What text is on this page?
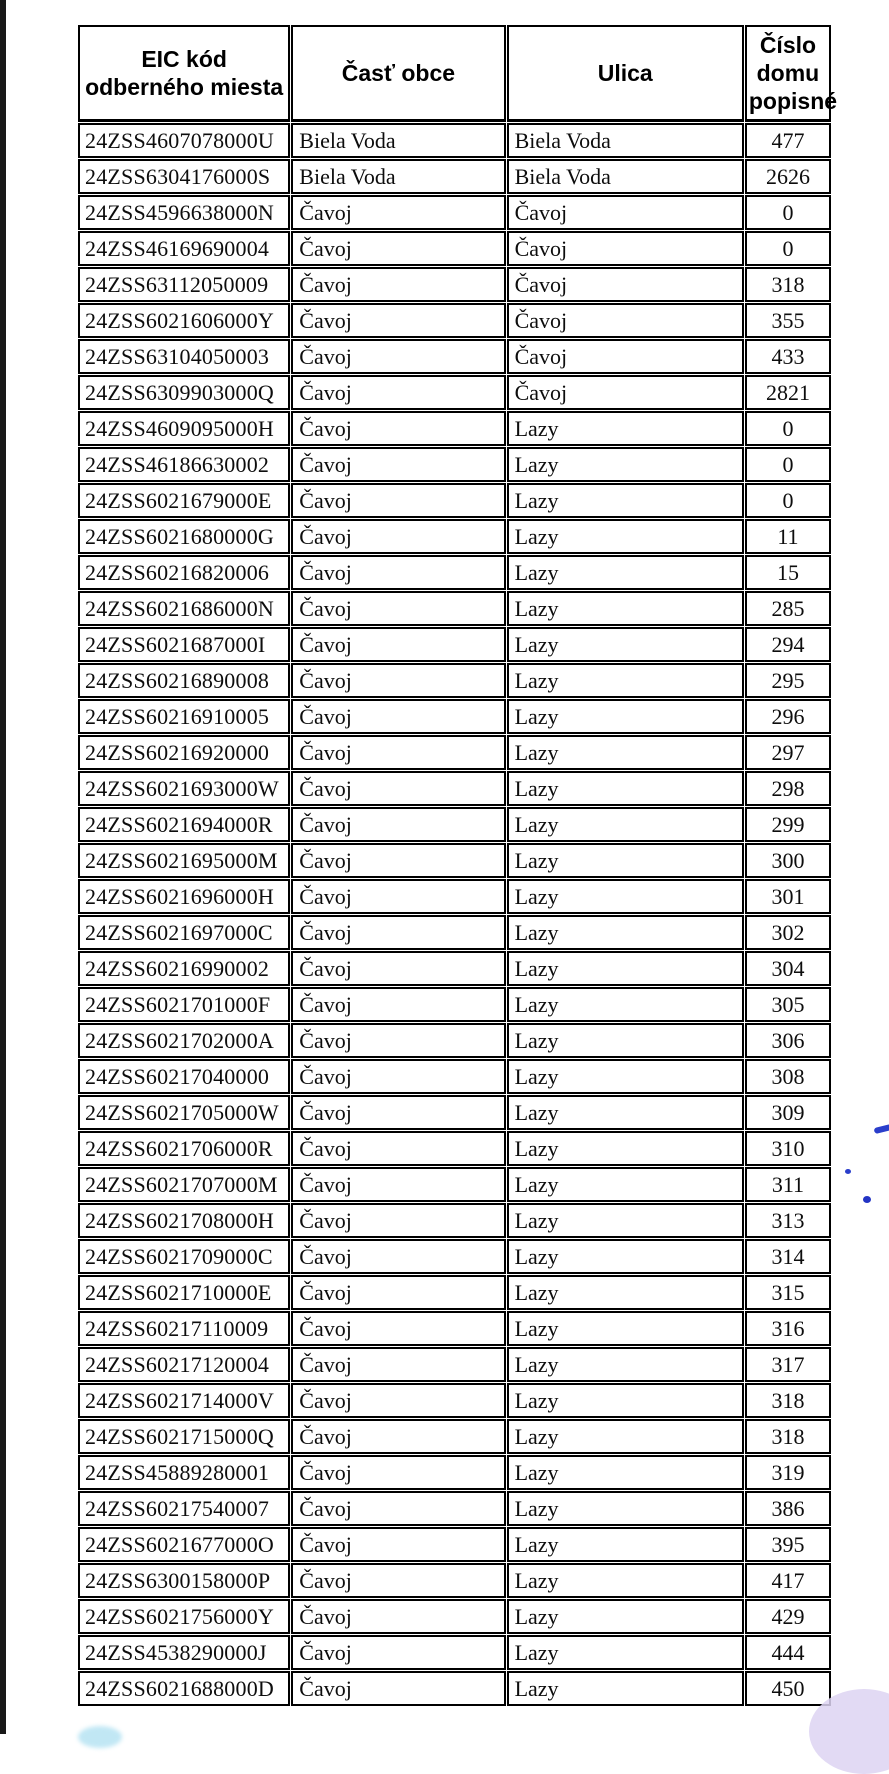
EIC kód odberného miesta	Časť obce	Ulica	Číslo domu popisné
24ZSS4607078000U	Biela Voda	Biela Voda	477
24ZSS6304176000S	Biela Voda	Biela Voda	2626
24ZSS4596638000N	Čavoj	Čavoj	0
24ZSS46169690004	Čavoj	Čavoj	0
24ZSS63112050009	Čavoj	Čavoj	318
24ZSS6021606000Y	Čavoj	Čavoj	355
24ZSS63104050003	Čavoj	Čavoj	433
24ZSS6309903000Q	Čavoj	Čavoj	2821
24ZSS4609095000H	Čavoj	Lazy	0
24ZSS46186630002	Čavoj	Lazy	0
24ZSS6021679000E	Čavoj	Lazy	0
24ZSS6021680000G	Čavoj	Lazy	11
24ZSS60216820006	Čavoj	Lazy	15
24ZSS6021686000N	Čavoj	Lazy	285
24ZSS6021687000I	Čavoj	Lazy	294
24ZSS60216890008	Čavoj	Lazy	295
24ZSS60216910005	Čavoj	Lazy	296
24ZSS60216920000	Čavoj	Lazy	297
24ZSS6021693000W	Čavoj	Lazy	298
24ZSS6021694000R	Čavoj	Lazy	299
24ZSS6021695000M	Čavoj	Lazy	300
24ZSS6021696000H	Čavoj	Lazy	301
24ZSS6021697000C	Čavoj	Lazy	302
24ZSS60216990002	Čavoj	Lazy	304
24ZSS6021701000F	Čavoj	Lazy	305
24ZSS6021702000A	Čavoj	Lazy	306
24ZSS60217040000	Čavoj	Lazy	308
24ZSS6021705000W	Čavoj	Lazy	309
24ZSS6021706000R	Čavoj	Lazy	310
24ZSS6021707000M	Čavoj	Lazy	311
24ZSS6021708000H	Čavoj	Lazy	313
24ZSS6021709000C	Čavoj	Lazy	314
24ZSS6021710000E	Čavoj	Lazy	315
24ZSS60217110009	Čavoj	Lazy	316
24ZSS60217120004	Čavoj	Lazy	317
24ZSS6021714000V	Čavoj	Lazy	318
24ZSS6021715000Q	Čavoj	Lazy	318
24ZSS45889280001	Čavoj	Lazy	319
24ZSS60217540007	Čavoj	Lazy	386
24ZSS6021677000O	Čavoj	Lazy	395
24ZSS6300158000P	Čavoj	Lazy	417
24ZSS6021756000Y	Čavoj	Lazy	429
24ZSS4538290000J	Čavoj	Lazy	444
24ZSS6021688000D	Čavoj	Lazy	450
